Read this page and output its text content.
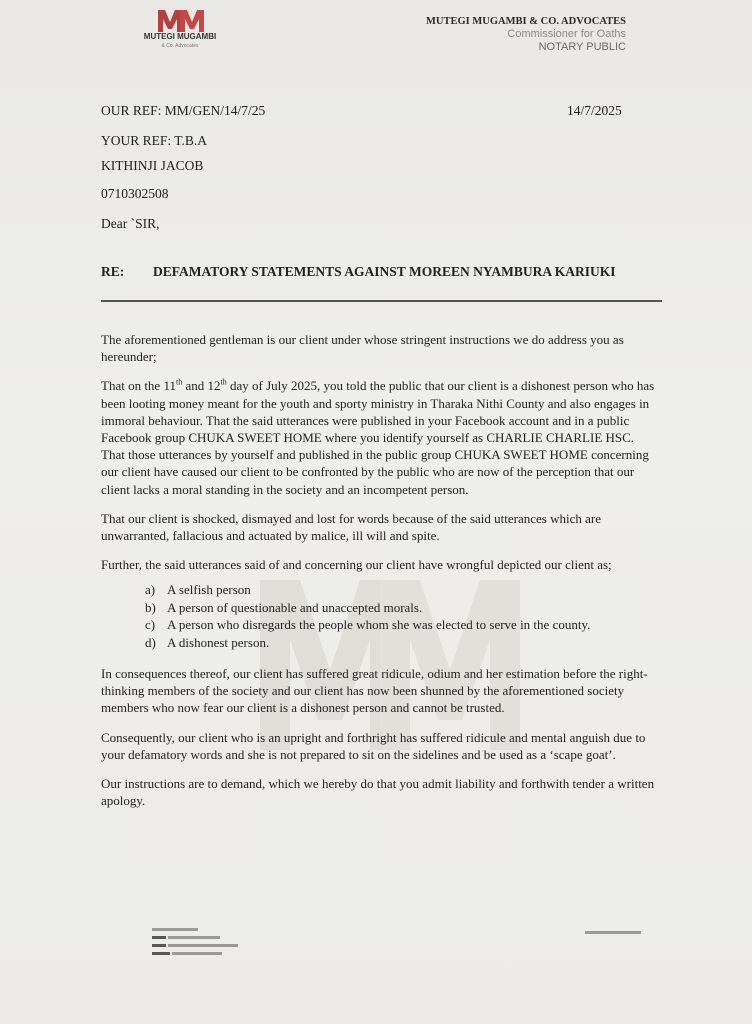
MUTEGI MUGAMBI
& Co. Advocates
MUTEGI MUGAMBI & CO. ADVOCATES
Commissioner for Oaths
NOTARY PUBLIC
OUR REF: MM/GEN/14/7/25	14/7/2025
YOUR REF: T.B.A
KITHINJI JACOB
0710302508
Dear `SIR,
RE: DEFAMATORY STATEMENTS AGAINST MOREEN NYAMBURA KARIUKI

The aforementioned gentleman is our client under whose stringent instructions we do address you as hereunder;

That on the 11th and 12th day of July 2025, you told the public that our client is a dishonest person who has been looting money meant for the youth and sporty ministry in Tharaka Nithi County and also engages in immoral behaviour. That the said utterances were published in your Facebook account and in a public Facebook group CHUKA SWEET HOME where you identify yourself as CHARLIE CHARLIE HSC. That those utterances by yourself and published in the public group CHUKA SWEET HOME concerning our client have caused our client to be confronted by the public who are now of the perception that our client lacks a moral standing in the society and an incompetent person.

That our client is shocked, dismayed and lost for words because of the said utterances which are unwarranted, fallacious and actuated by malice, ill will and spite.

Further, the said utterances said of and concerning our client have wrongful depicted our client as;

a) A selfish person
b) A person of questionable and unaccepted morals.
c) A person who disregards the people whom she was elected to serve in the county.
d) A dishonest person.

In consequences thereof, our client has suffered great ridicule, odium and her estimation before the right-thinking members of the society and our client has now been shunned by the aforementioned society members who now fear our client is a dishonest person and cannot be trusted.

Consequently, our client who is an upright and forthright has suffered ridicule and mental anguish due to your defamatory words and she is not prepared to sit on the sidelines and be used as a ‘scape goat’.

Our instructions are to demand, which we hereby do that you admit liability and forthwith tender a written apology.
